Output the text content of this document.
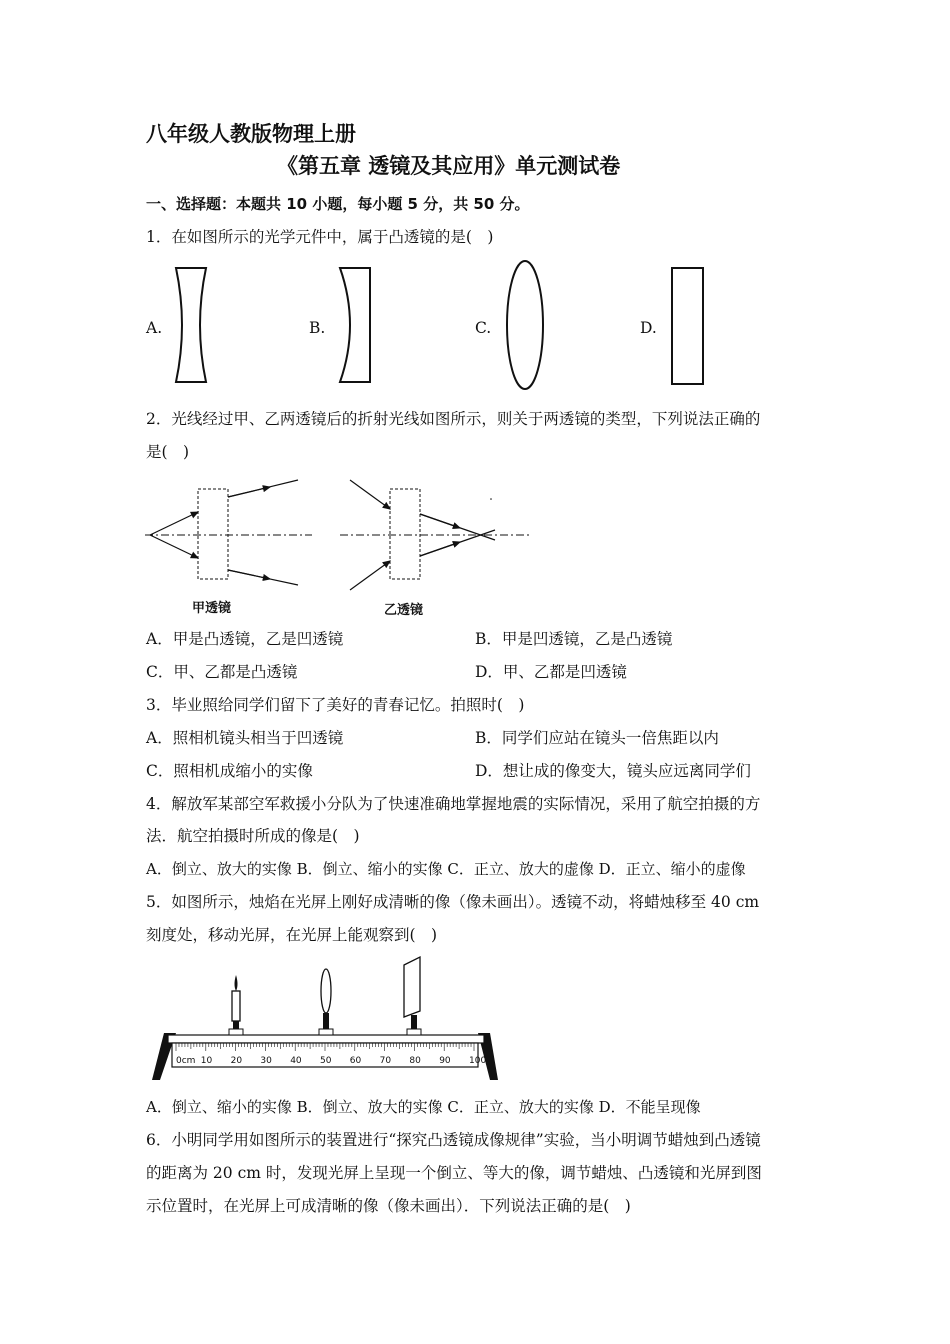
八年级人教版物理上册
《第五章 透镜及其应用》单元测试卷
一、选择题：本题共 10 小题，每小题 5 分，共 50 分。
1．在如图所示的光学元件中，属于凸透镜的是(　)
A.	B.	C.	D.
2．光线经过甲、乙两透镜后的折射光线如图所示，则关于两透镜的类型，下列说法正确的
是(　)
甲透镜	乙透镜
A．甲是凸透镜，乙是凹透镜	B．甲是凹透镜，乙是凸透镜
C．甲、乙都是凸透镜	D．甲、乙都是凹透镜
3．毕业照给同学们留下了美好的青春记忆。拍照时(　)
A．照相机镜头相当于凹透镜	B．同学们应站在镜头一倍焦距以内
C．照相机成缩小的实像	D．想让成的像变大，镜头应远离同学们
4．解放军某部空军救援小分队为了快速准确地掌握地震的实际情况，采用了航空拍摄的方
法．航空拍摄时所成的像是(　)
A．倒立、放大的实像 B．倒立、缩小的实像 C．正立、放大的虚像 D．正立、缩小的虚像
5．如图所示，烛焰在光屏上刚好成清晰的像（像未画出）。透镜不动，将蜡烛移至 40 cm
刻度处，移动光屏，在光屏上能观察到(　)
0cm 10 20 30 40 50 60 70 80 90 100
A．倒立、缩小的实像 B．倒立、放大的实像 C．正立、放大的实像 D．不能呈现像
6．小明同学用如图所示的装置进行“探究凸透镜成像规律”实验，当小明调节蜡烛到凸透镜
的距离为 20 cm 时，发现光屏上呈现一个倒立、等大的像，调节蜡烛、凸透镜和光屏到图
示位置时，在光屏上可成清晰的像（像未画出）．下列说法正确的是(　)
